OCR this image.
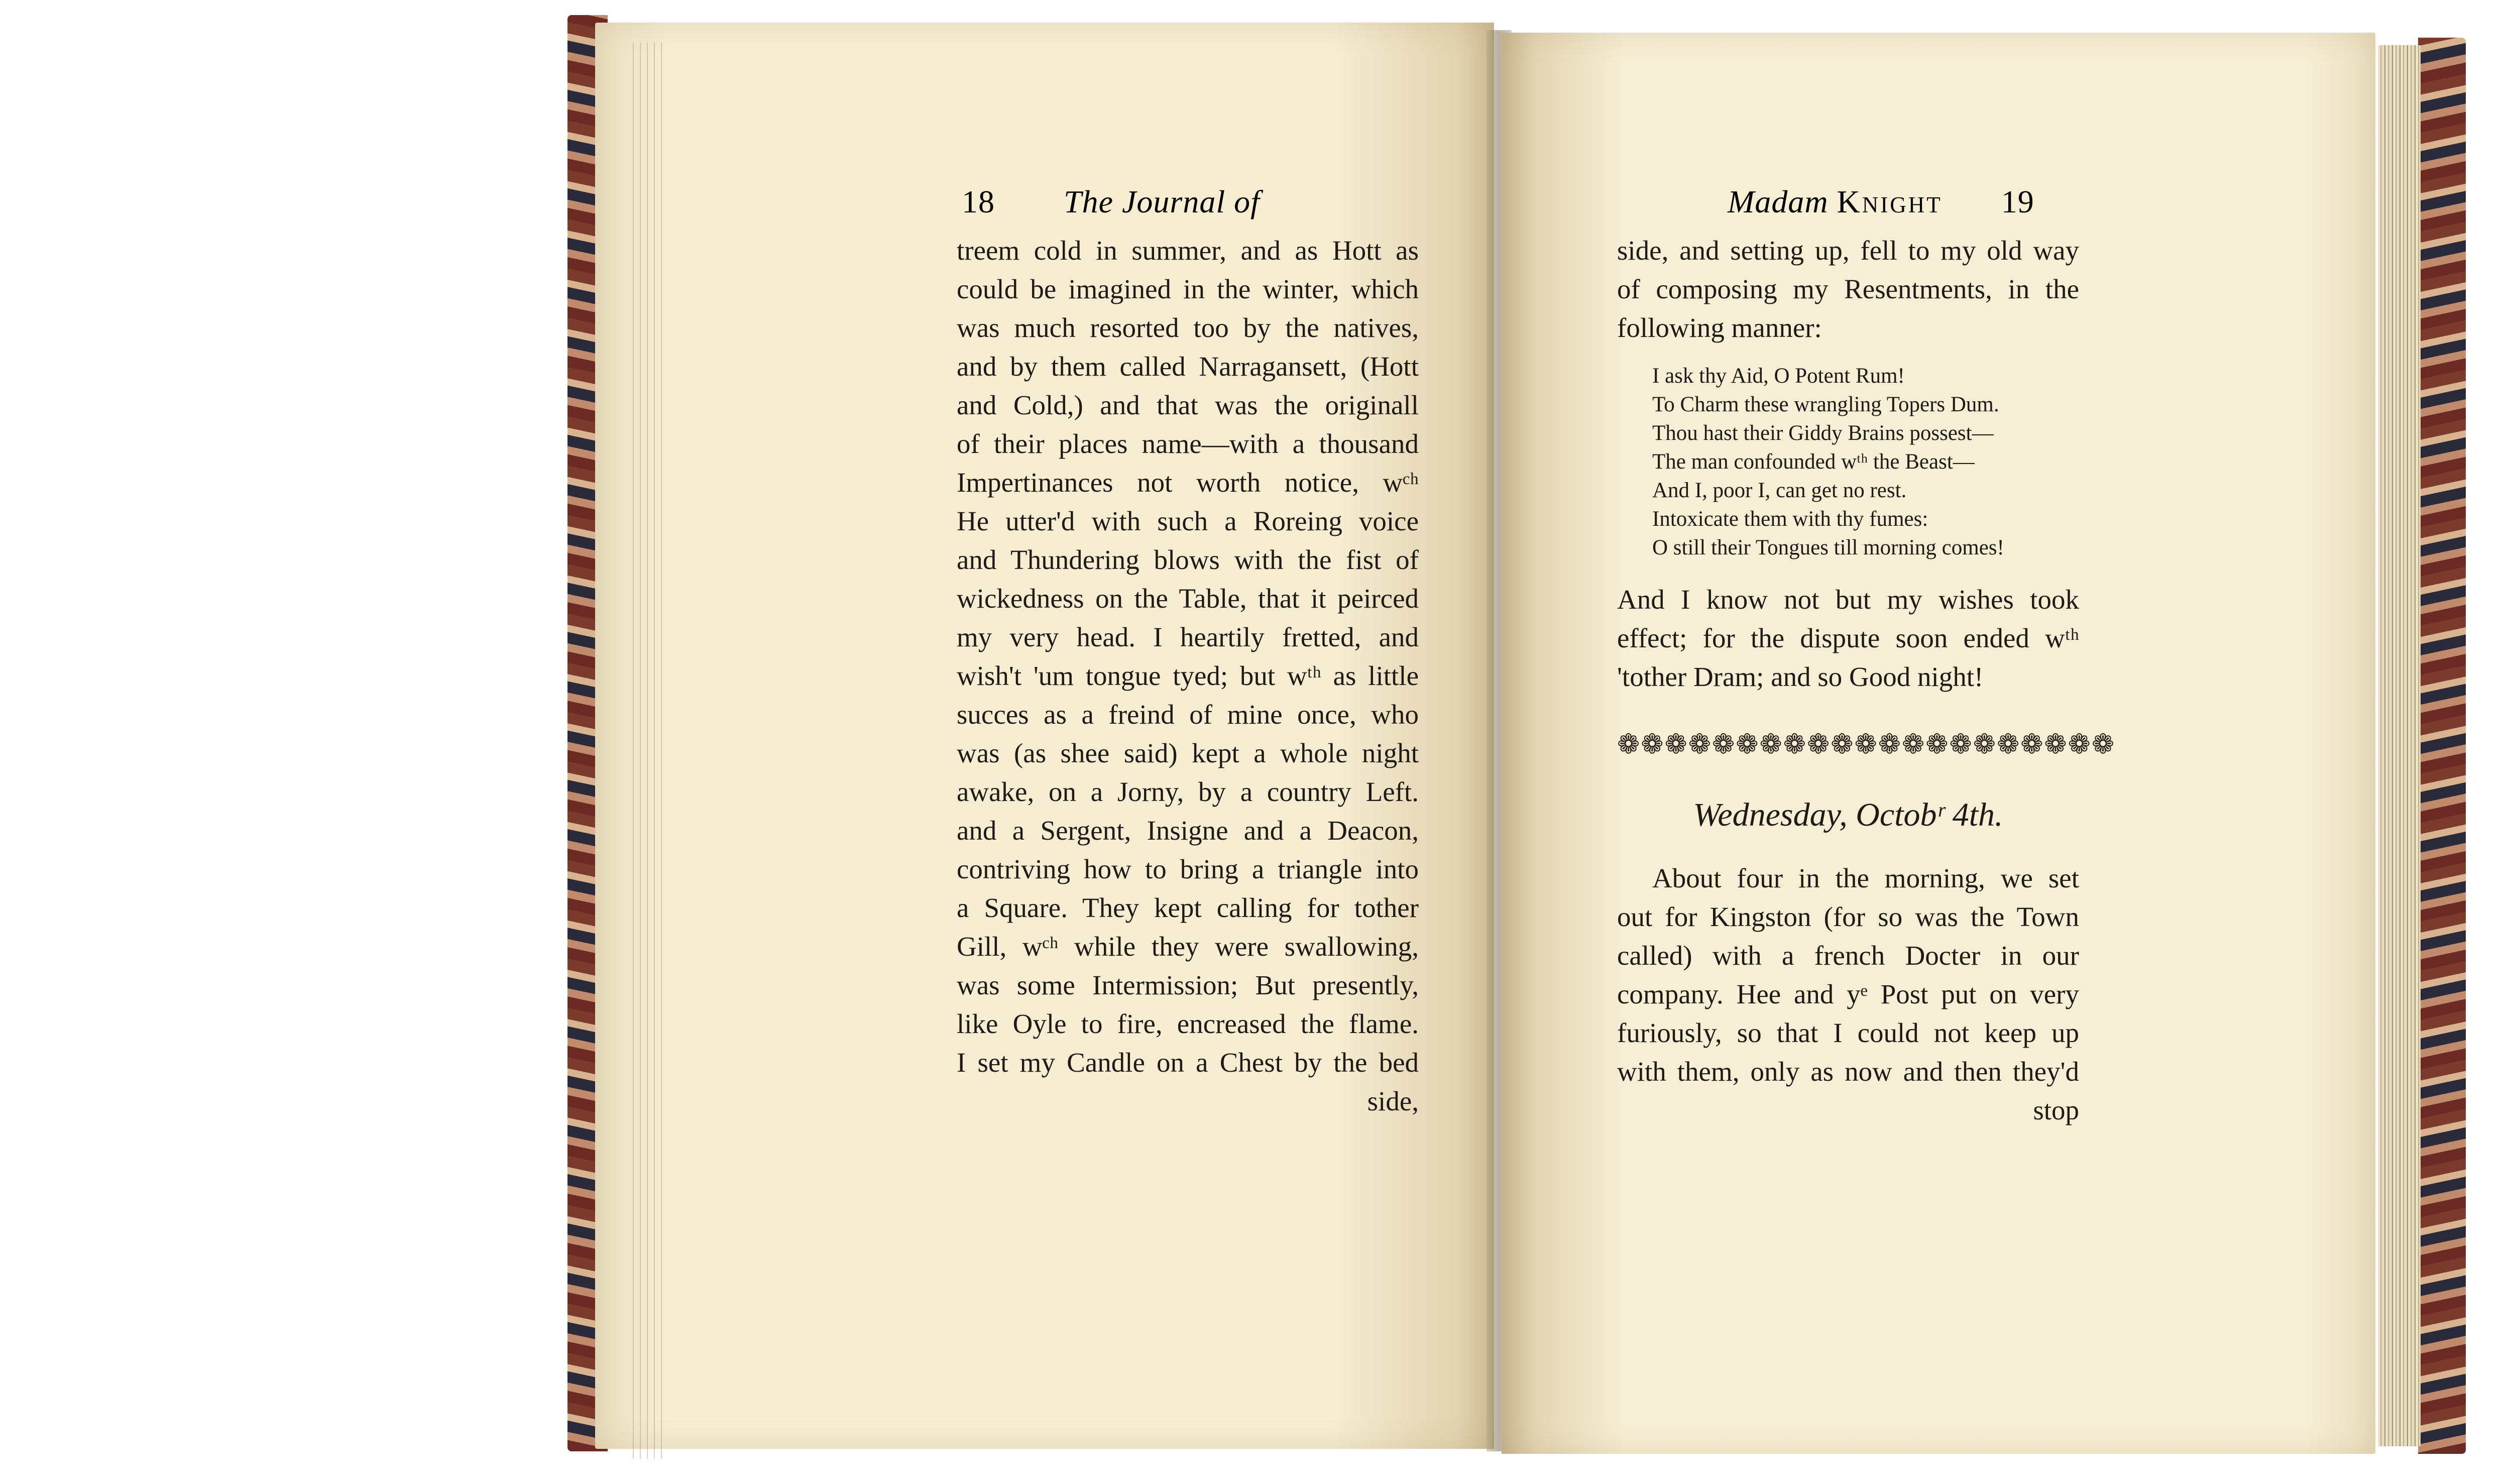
18 The Journal of
treem cold in summer, and as Hott as
could be imagined in the winter, which
was much resorted too by the natives,
and by them called Narragansett, (Hott
and Cold,) and that was the originall
of their places name—with a thousand
Impertinances not worth notice, wᶜʰ
He utter'd with such a Roreing voice
and Thundering blows with the fist of
wickedness on the Table, that it peirced
my very head. I heartily fretted, and
wish't 'um tongue tyed; but wᵗʰ as little
succes as a freind of mine once, who
was (as shee said) kept a whole night
awake, on a Jorny, by a country Left.
and a Sergent, Insigne and a Deacon,
contriving how to bring a triangle into
a Square. They kept calling for tother
Gill, wᶜʰ while they were swallowing,
was some Intermission; But presently,
like Oyle to fire, encreased the flame.
I set my Candle on a Chest by the bed
side,
Madam Knight 19
side, and setting up, fell to my old way
of composing my Resentments, in the
following manner:
I ask thy Aid, O Potent Rum!
To Charm these wrangling Topers Dum.
Thou hast their Giddy Brains possest—
The man confounded wᵗʰ the Beast—
And I, poor I, can get no rest.
Intoxicate them with thy fumes:
O still their Tongues till morning comes!
And I know not but my wishes took
effect; for the dispute soon ended wᵗʰ
'tother Dram; and so Good night!
❁❁❁❁❁❁❁❁❁❁❁❁❁❁❁❁❁❁❁❁❁
Wednesday, Octobʳ 4th.
About four in the morning, we set
out for Kingston (for so was the Town
called) with a french Docter in our
company. Hee and yᵉ Post put on very
furiously, so that I could not keep up
with them, only as now and then they'd
stop
